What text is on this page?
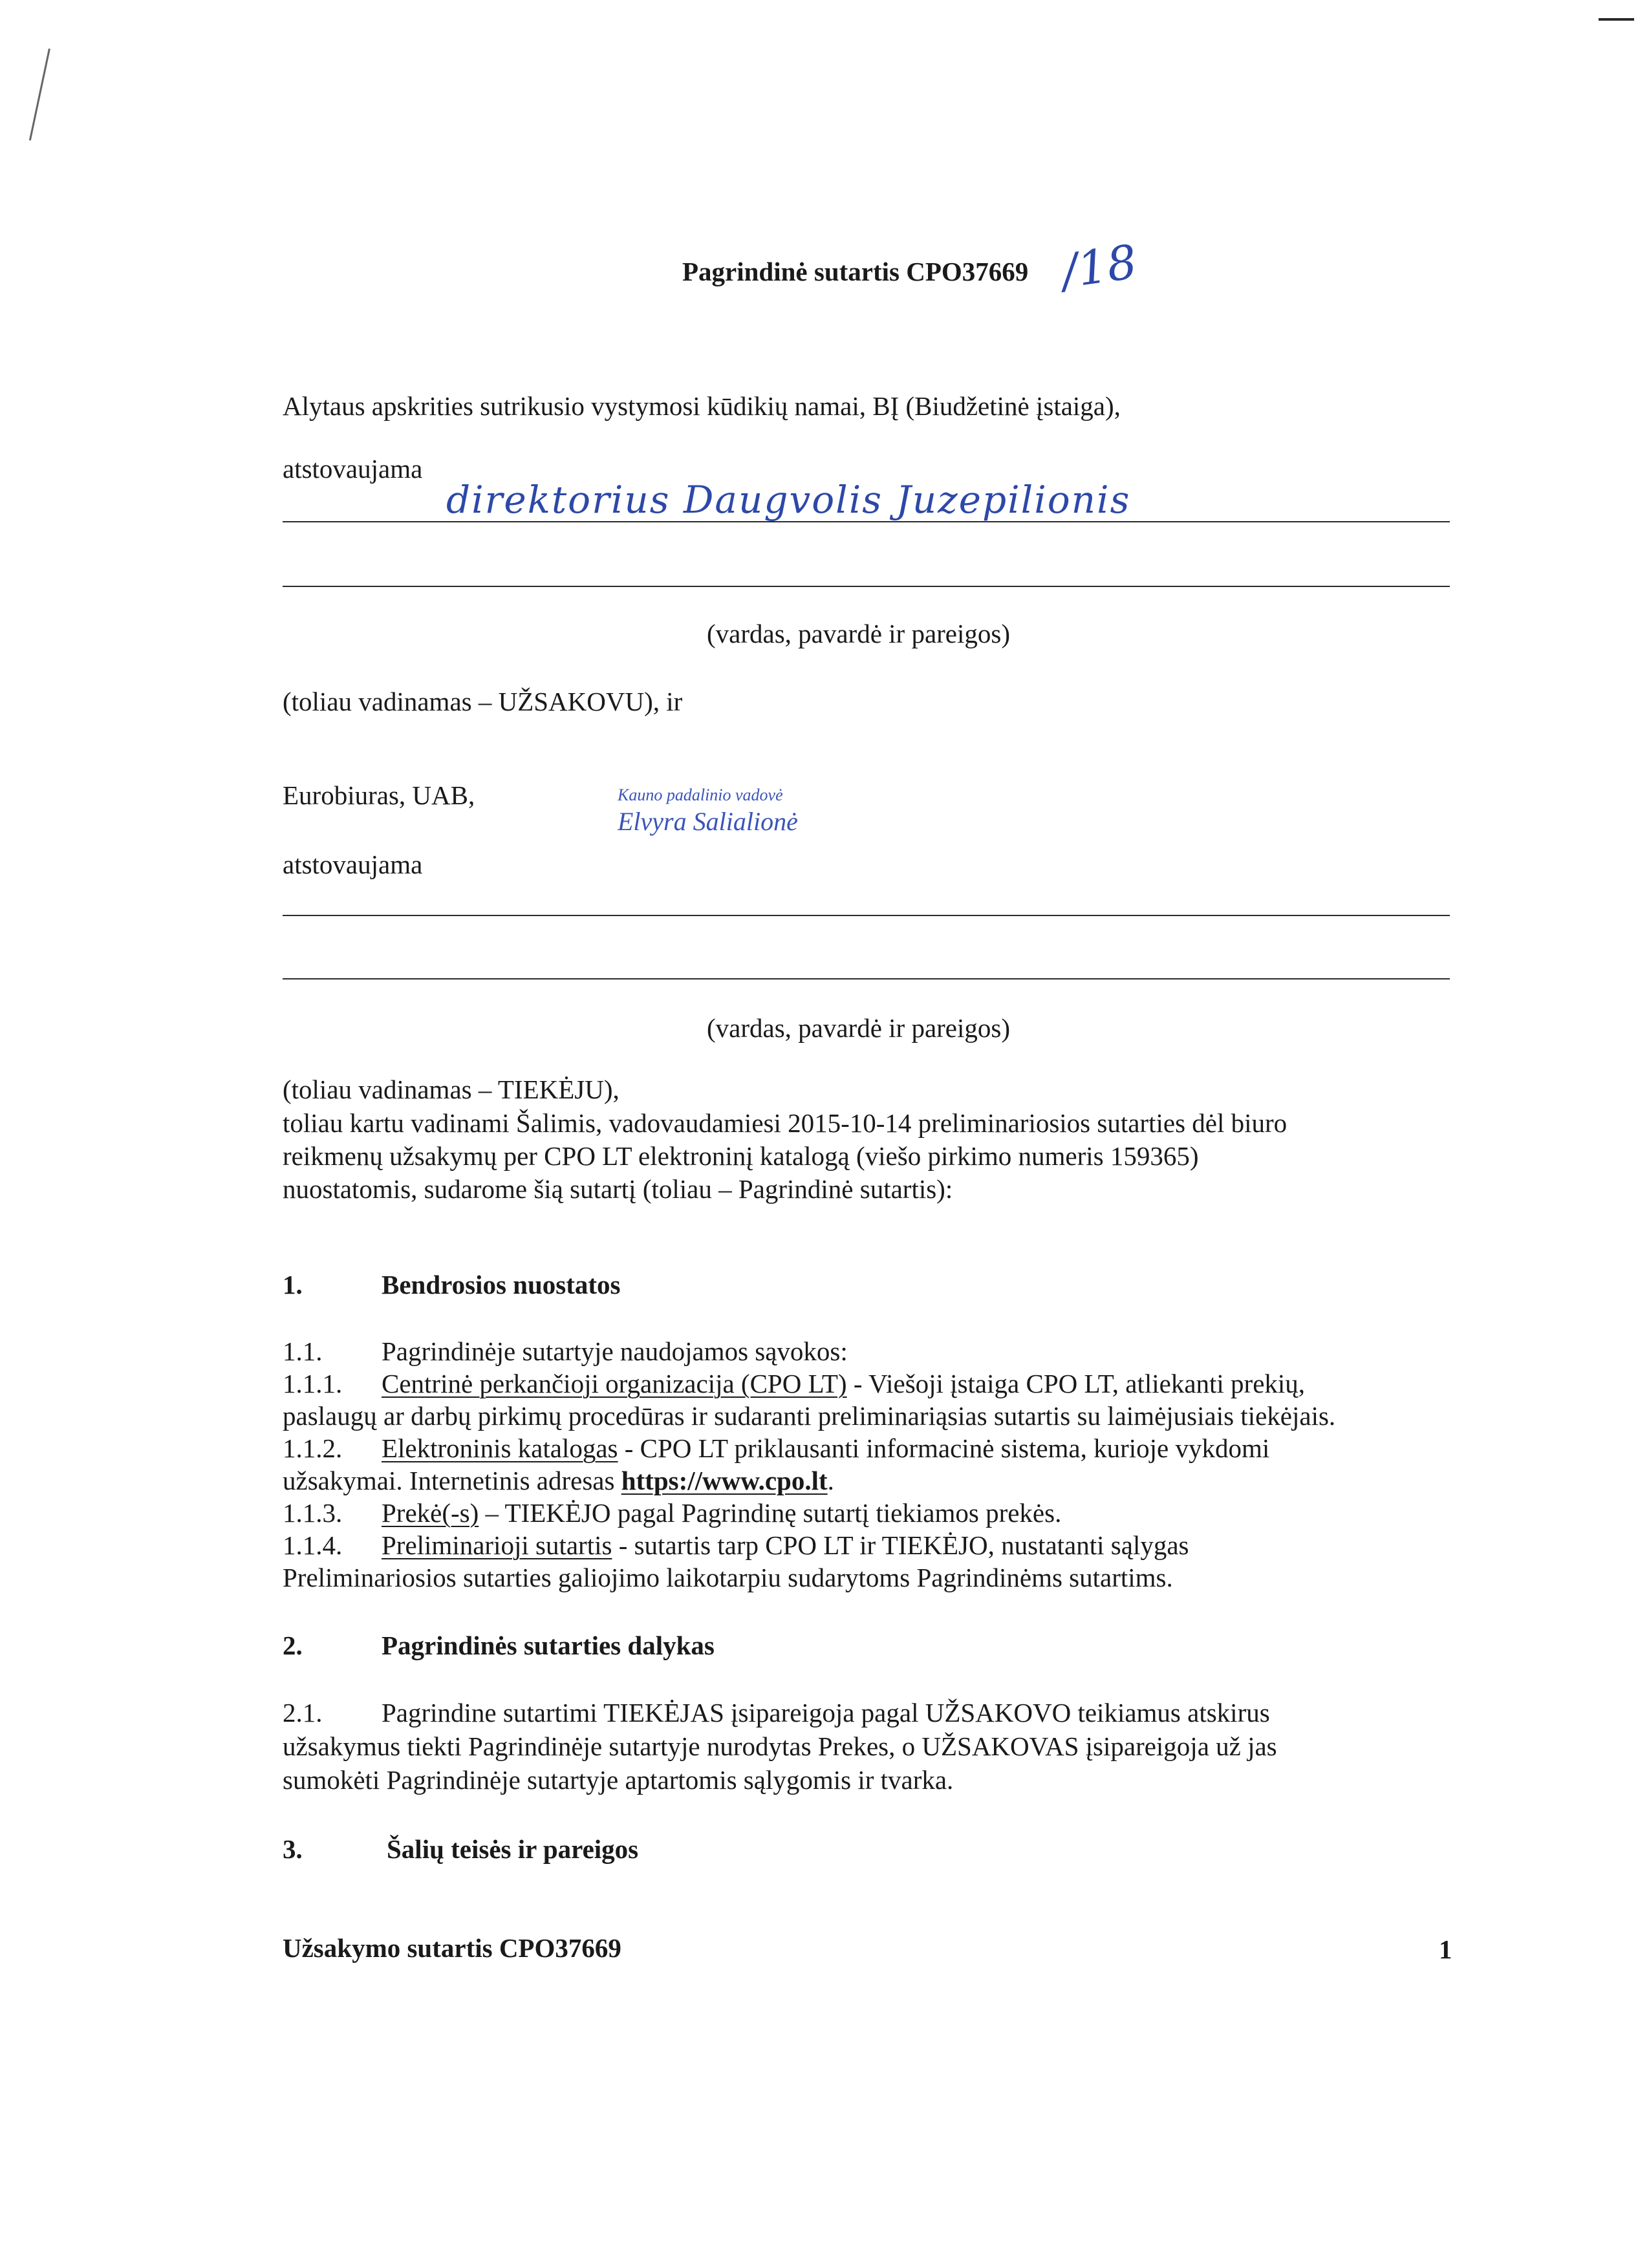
Pagrindinė sutartis CPO37669 /18
Alytaus apskrities sutrikusio vystymosi kūdikių namai, BĮ (Biudžetinė įstaiga),
atstovaujama
direktorius Daugvolis Juzepilionis
(vardas, pavardė ir pareigos)
(toliau vadinamas – UŽSAKOVU), ir
Eurobiuras, UAB,	Kauno padalinio vadovė
Elvyra Salialionė
atstovaujama
(vardas, pavardė ir pareigos)
(toliau vadinamas – TIEKĖJU),
toliau kartu vadinami Šalimis, vadovaudamiesi 2015-10-14 preliminariosios sutarties dėl biuro
reikmenų užsakymų per CPO LT elektroninį katalogą (viešo pirkimo numeris 159365)
nuostatomis, sudarome šią sutartį (toliau – Pagrindinė sutartis):
1.	Bendrosios nuostatos
1.1. Pagrindinėje sutartyje naudojamos sąvokos:
1.1.1. Centrinė perkančioji organizacija (CPO LT) - Viešoji įstaiga CPO LT, atliekanti prekių,
paslaugų ar darbų pirkimų procedūras ir sudaranti preliminariąsias sutartis su laimėjusiais tiekėjais.
1.1.2. Elektroninis katalogas - CPO LT priklausanti informacinė sistema, kurioje vykdomi
užsakymai. Internetinis adresas https://www.cpo.lt.
1.1.3. Prekė(-s) – TIEKĖJO pagal Pagrindinę sutartį tiekiamos prekės.
1.1.4. Preliminarioji sutartis - sutartis tarp CPO LT ir TIEKĖJO, nustatanti sąlygas
Preliminariosios sutarties galiojimo laikotarpiu sudarytoms Pagrindinėms sutartims.
2.	Pagrindinės sutarties dalykas
2.1. Pagrindine sutartimi TIEKĖJAS įsipareigoja pagal UŽSAKOVO teikiamus atskirus
užsakymus tiekti Pagrindinėje sutartyje nurodytas Prekes, o UŽSAKOVAS įsipareigoja už jas
sumokėti Pagrindinėje sutartyje aptartomis sąlygomis ir tvarka.
3.	Šalių teisės ir pareigos
Užsakymo sutartis CPO37669	1
